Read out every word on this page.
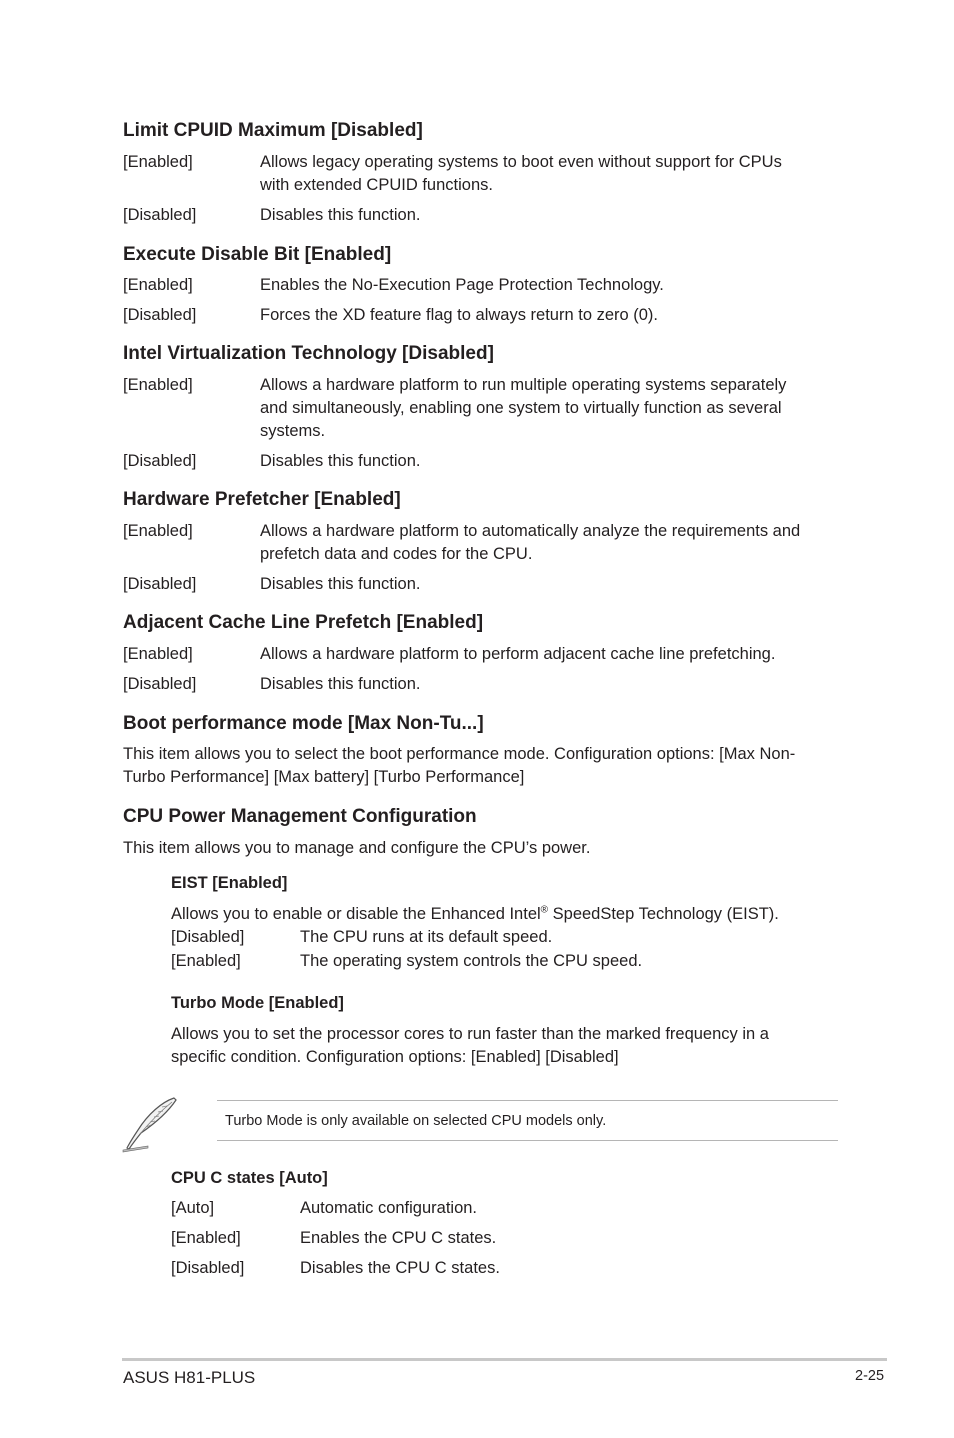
Limit CPUID Maximum [Disabled]
[Enabled]	Allows legacy operating systems to boot even without support for CPUs
with extended CPUID functions.
[Disabled]	Disables this function.
Execute Disable Bit [Enabled]
[Enabled]	Enables the No-Execution Page Protection Technology.
[Disabled]	Forces the XD feature flag to always return to zero (0).
Intel Virtualization Technology [Disabled]
[Enabled]	Allows a hardware platform to run multiple operating systems separately
and simultaneously, enabling one system to virtually function as several
systems.
[Disabled]	Disables this function.
Hardware Prefetcher [Enabled]
[Enabled]	Allows a hardware platform to automatically analyze the requirements and
prefetch data and codes for the CPU.
[Disabled]	Disables this function.
Adjacent Cache Line Prefetch [Enabled]
[Enabled]	Allows a hardware platform to perform adjacent cache line prefetching.
[Disabled]	Disables this function.
Boot performance mode [Max Non-Tu...]
This item allows you to select the boot performance mode. Configuration options: [Max Non-
Turbo Performance] [Max battery] [Turbo Performance]
CPU Power Management Configuration
This item allows you to manage and configure the CPU’s power.
EIST [Enabled]
Allows you to enable or disable the Enhanced Intel® SpeedStep Technology (EIST).
[Disabled]	The CPU runs at its default speed.
[Enabled]	The operating system controls the CPU speed.
Turbo Mode [Enabled]
Allows you to set the processor cores to run faster than the marked frequency in a
specific condition. Configuration options: [Enabled] [Disabled]
Turbo Mode is only available on selected CPU models only.
CPU C states [Auto]
[Auto]	Automatic configuration.
[Enabled]	Enables the CPU C states.
[Disabled]	Disables the CPU C states.
ASUS H81-PLUS	2-25
